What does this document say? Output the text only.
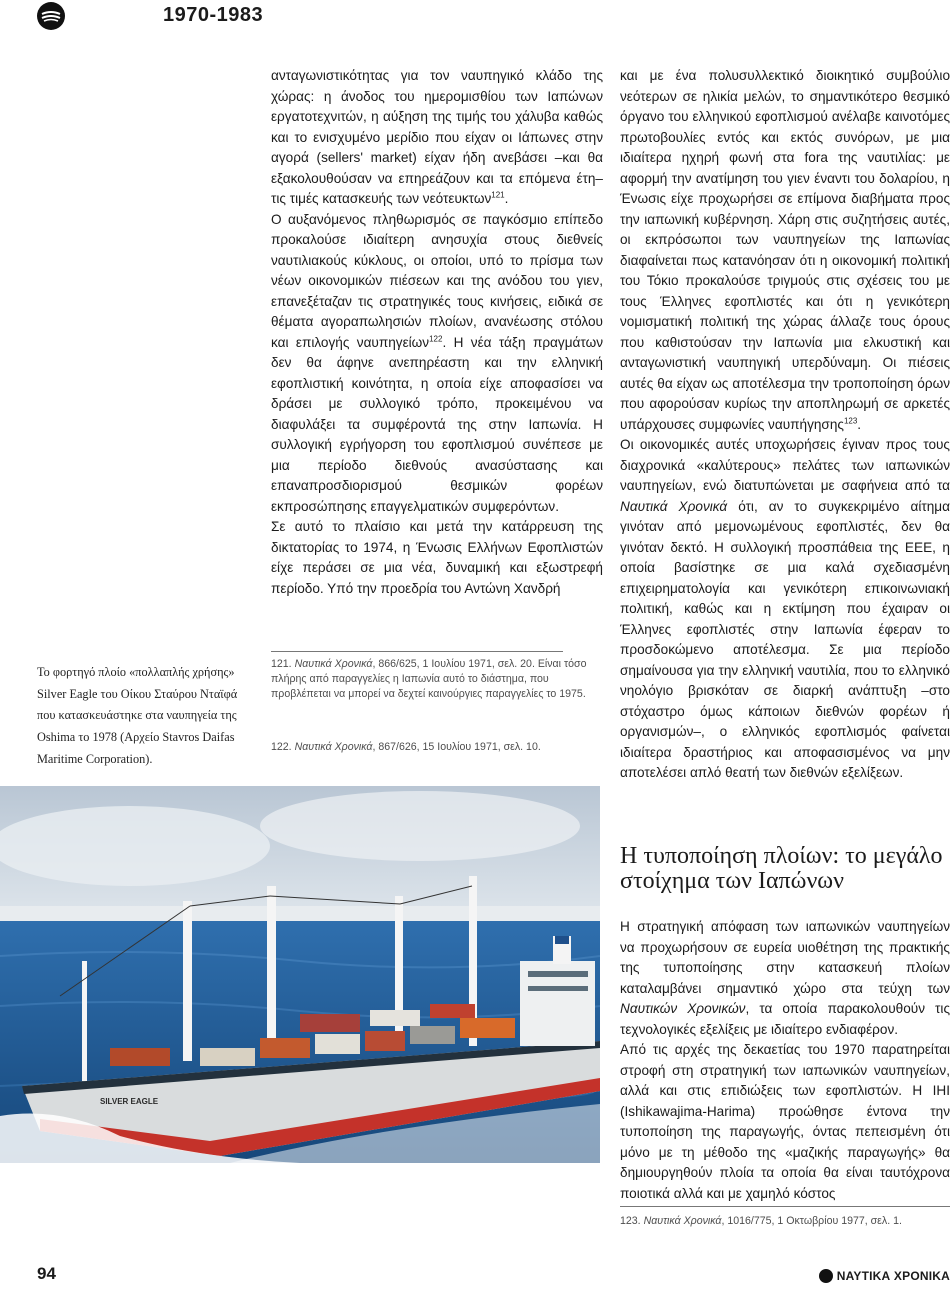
1970-1983

ανταγωνιστικότητας για τον ναυπηγικό κλάδο της χώρας: η άνοδος του ημερομισθίου των Ιαπώνων εργατοτεχνιτών, η αύξηση της τιμής του χάλυβα καθώς και το ενισχυμένο μερίδιο που είχαν οι Ιάπωνες στην αγορά (sellers' market) είχαν ήδη ανεβάσει –και θα εξακολουθούσαν να επηρεάζουν και τα επόμενα έτη– τις τιμές κατασκευής των νεότευκτων$^{121}$.

Ο αυξανόμενος πληθωρισμός σε παγκόσμιο επίπεδο προκαλούσε ιδιαίτερη ανησυχία στους διεθνείς ναυτιλιακούς κύκλους, οι οποίοι, υπό το πρίσμα των νέων οικονομικών πιέσεων και της ανόδου του γιεν, επανεξέταζαν τις στρατηγικές τους κινήσεις, ειδικά σε θέματα αγοραπωλησιών πλοίων, ανανέωσης στόλου και επιλογής ναυπηγείων$^{122}$. Η νέα τάξη πραγμάτων δεν θα άφηνε ανεπηρέαστη και την ελληνική εφοπλιστική κοινότητα, η οποία είχε αποφασίσει να δράσει με συλλογικό τρόπο, προκειμένου να διαφυλάξει τα συμφέροντά της στην Ιαπωνία. Η συλλογική εγρήγορση του εφοπλισμού συνέπεσε με μια περίοδο διεθνούς ανασύστασης και επαναπροσδιορισμού θεσμικών φορέων εκπροσώπησης επαγγελματικών συμφερόντων.

Σε αυτό το πλαίσιο και μετά την κατάρρευση της δικτατορίας το 1974, η Ένωσις Ελλήνων Εφοπλιστών είχε περάσει σε μια νέα, δυναμική και εξωστρεφή περίοδο. Υπό την προεδρία του Αντώνη Χανδρή

121. Ναυτικά Χρονικά, 866/625, 1 Ιουλίου 1971, σελ. 20. Είναι τόσο πλήρης από παραγγελίες η Ιαπωνία αυτό το διάστημα, που προβλέπεται να μπορεί να δεχτεί καινούργιες παραγγελίες το 1975.
122. Ναυτικά Χρονικά, 867/626, 15 Ιουλίου 1971, σελ. 10.
Το φορτηγό πλοίο «πολλαπλής χρήσης» Silver Eagle του Οίκου Σταύρου Νταϊφά που κατασκευάστηκε στα ναυπηγεία της Oshima το 1978 (Αρχείο Stavros Daifas Maritime Corporation).

και με ένα πολυσυλλεκτικό διοικητικό συμβούλιο νεότερων σε ηλικία μελών, το σημαντικότερο θεσμικό όργανο του ελληνικού εφοπλισμού ανέλαβε καινοτόμες πρωτοβουλίες εντός και εκτός συνόρων, με μια ιδιαίτερα ηχηρή φωνή στα fora της ναυτιλίας: με αφορμή την ανατίμηση του γιεν έναντι του δολαρίου, η Ένωσις είχε προχωρήσει σε επίμονα διαβήματα προς την ιαπωνική κυβέρνηση. Χάρη στις συζητήσεις αυτές, οι εκπρόσωποι των ναυπηγείων της Ιαπωνίας διαφαίνεται πως κατανόησαν ότι η οικονομική πολιτική του Τόκιο προκαλούσε τριγμούς στις σχέσεις του με τους Έλληνες εφοπλιστές και ότι η γενικότερη νομισματική πολιτική της χώρας άλλαζε τους όρους που καθιστούσαν την Ιαπωνία μια ελκυστική και ανταγωνιστική ναυπηγική υπερδύναμη. Οι πιέσεις αυτές θα είχαν ως αποτέλεσμα την τροποποίηση όρων που αφορούσαν κυρίως την αποπληρωμή σε αρκετές υπάρχουσες συμφωνίες ναυπήγησης$^{123}$.

Οι οικονομικές αυτές υποχωρήσεις έγιναν προς τους διαχρονικά «καλύτερους» πελάτες των ιαπωνικών ναυπηγείων, ενώ διατυπώνεται με σαφήνεια από τα Ναυτικά Χρονικά ότι, αν το συγκεκριμένο αίτημα γινόταν από μεμονωμένους εφοπλιστές, δεν θα γινόταν δεκτό. Η συλλογική προσπάθεια της ΕΕΕ, η οποία βασίστηκε σε μια καλά σχεδιασμένη επιχειρηματολογία και γενικότερη επικοινωνιακή πολιτική, καθώς και η εκτίμηση που έχαιραν οι Έλληνες εφοπλιστές στην Ιαπωνία έφεραν το προσδοκώμενο αποτέλεσμα. Σε μια περίοδο σημαίνουσα για την ελληνική ναυτιλία, που το ελληνικό νηολόγιο βρισκόταν σε διαρκή ανάπτυξη –στο στόχαστρο όμως κάποιων διεθνών φορέων ή οργανισμών–, ο ελληνικός εφοπλισμός φαίνεται ιδιαίτερα δραστήριος και αποφασισμένος να μην αποτελέσει απλό θεατή των διεθνών εξελίξεων.

Η τυποποίηση πλοίων: το μεγάλο στοίχημα των Ιαπώνων

Η στρατηγική απόφαση των ιαπωνικών ναυπηγείων να προχωρήσουν σε ευρεία υιοθέτηση της πρακτικής της τυποποίησης στην κατασκευή πλοίων καταλαμβάνει σημαντικό χώρο στα τεύχη των Ναυτικών Χρονικών, τα οποία παρακολουθούν τις τεχνολογικές εξελίξεις με ιδιαίτερο ενδιαφέρον.

Από τις αρχές της δεκαετίας του 1970 παρατηρείται στροφή στη στρατηγική των ιαπωνικών ναυπηγείων, αλλά και στις επιδιώξεις των εφοπλιστών. Η IHI (Ishikawajima-Harima) προώθησε έντονα την τυποποίηση της παραγωγής, όντας πεπεισμένη ότι μόνο με τη μέθοδο της «μαζικής παραγωγής» θα δημιουργηθούν πλοία τα οποία θα είναι ταυτόχρονα ποιοτικά αλλά και με χαμηλό κόστος

123. Ναυτικά Χρονικά, 1016/775, 1 Οκτωβρίου 1977, σελ. 1.
SILVER EAGLE
94	ΝΑΥΤΙΚΑ ΧΡΟΝΙΚΑ
